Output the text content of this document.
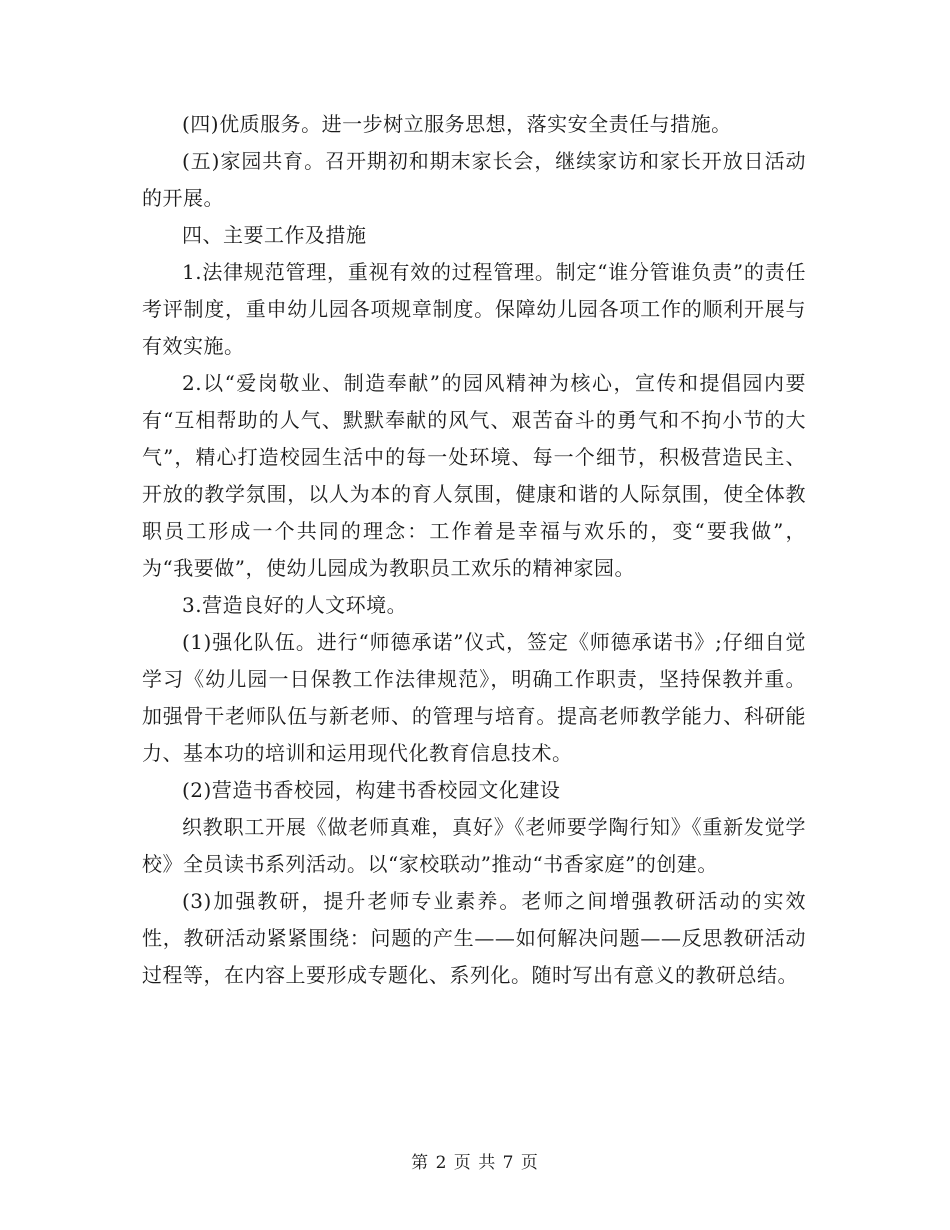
(四)优质服务。进一步树立服务思想，落实安全责任与措施。

(五)家园共育。召开期初和期末家长会，继续家访和家长开放日活动的开展。

四、主要工作及措施

1.法律规范管理，重视有效的过程管理。制定“谁分管谁负责”的责任考评制度，重申幼儿园各项规章制度。保障幼儿园各项工作的顺利开展与有效实施。

2.以“爱岗敬业、制造奉献”的园风精神为核心，宣传和提倡园内要有“互相帮助的人气、默默奉献的风气、艰苦奋斗的勇气和不拘小节的大气”，精心打造校园生活中的每一处环境、每一个细节，积极营造民主、开放的教学氛围，以人为本的育人氛围，健康和谐的人际氛围，使全体教职员工形成一个共同的理念：工作着是幸福与欢乐的，变“要我做”，为“我要做”，使幼儿园成为教职员工欢乐的精神家园。

3.营造良好的人文环境。

(1)强化队伍。进行“师德承诺”仪式，签定《师德承诺书》;仔细自觉学习《幼儿园一日保教工作法律规范》，明确工作职责，坚持保教并重。加强骨干老师队伍与新老师、的管理与培育。提高老师教学能力、科研能力、基本功的培训和运用现代化教育信息技术。

(2)营造书香校园，构建书香校园文化建设

织教职工开展《做老师真难，真好》《老师要学陶行知》《重新发觉学校》全员读书系列活动。以“家校联动”推动“书香家庭”的创建。

(3)加强教研，提升老师专业素养。老师之间增强教研活动的实效性，教研活动紧紧围绕：问题的产生——如何解决问题——反思教研活动过程等，在内容上要形成专题化、系列化。随时写出有意义的教研总结。

第 2 页 共 7 页
